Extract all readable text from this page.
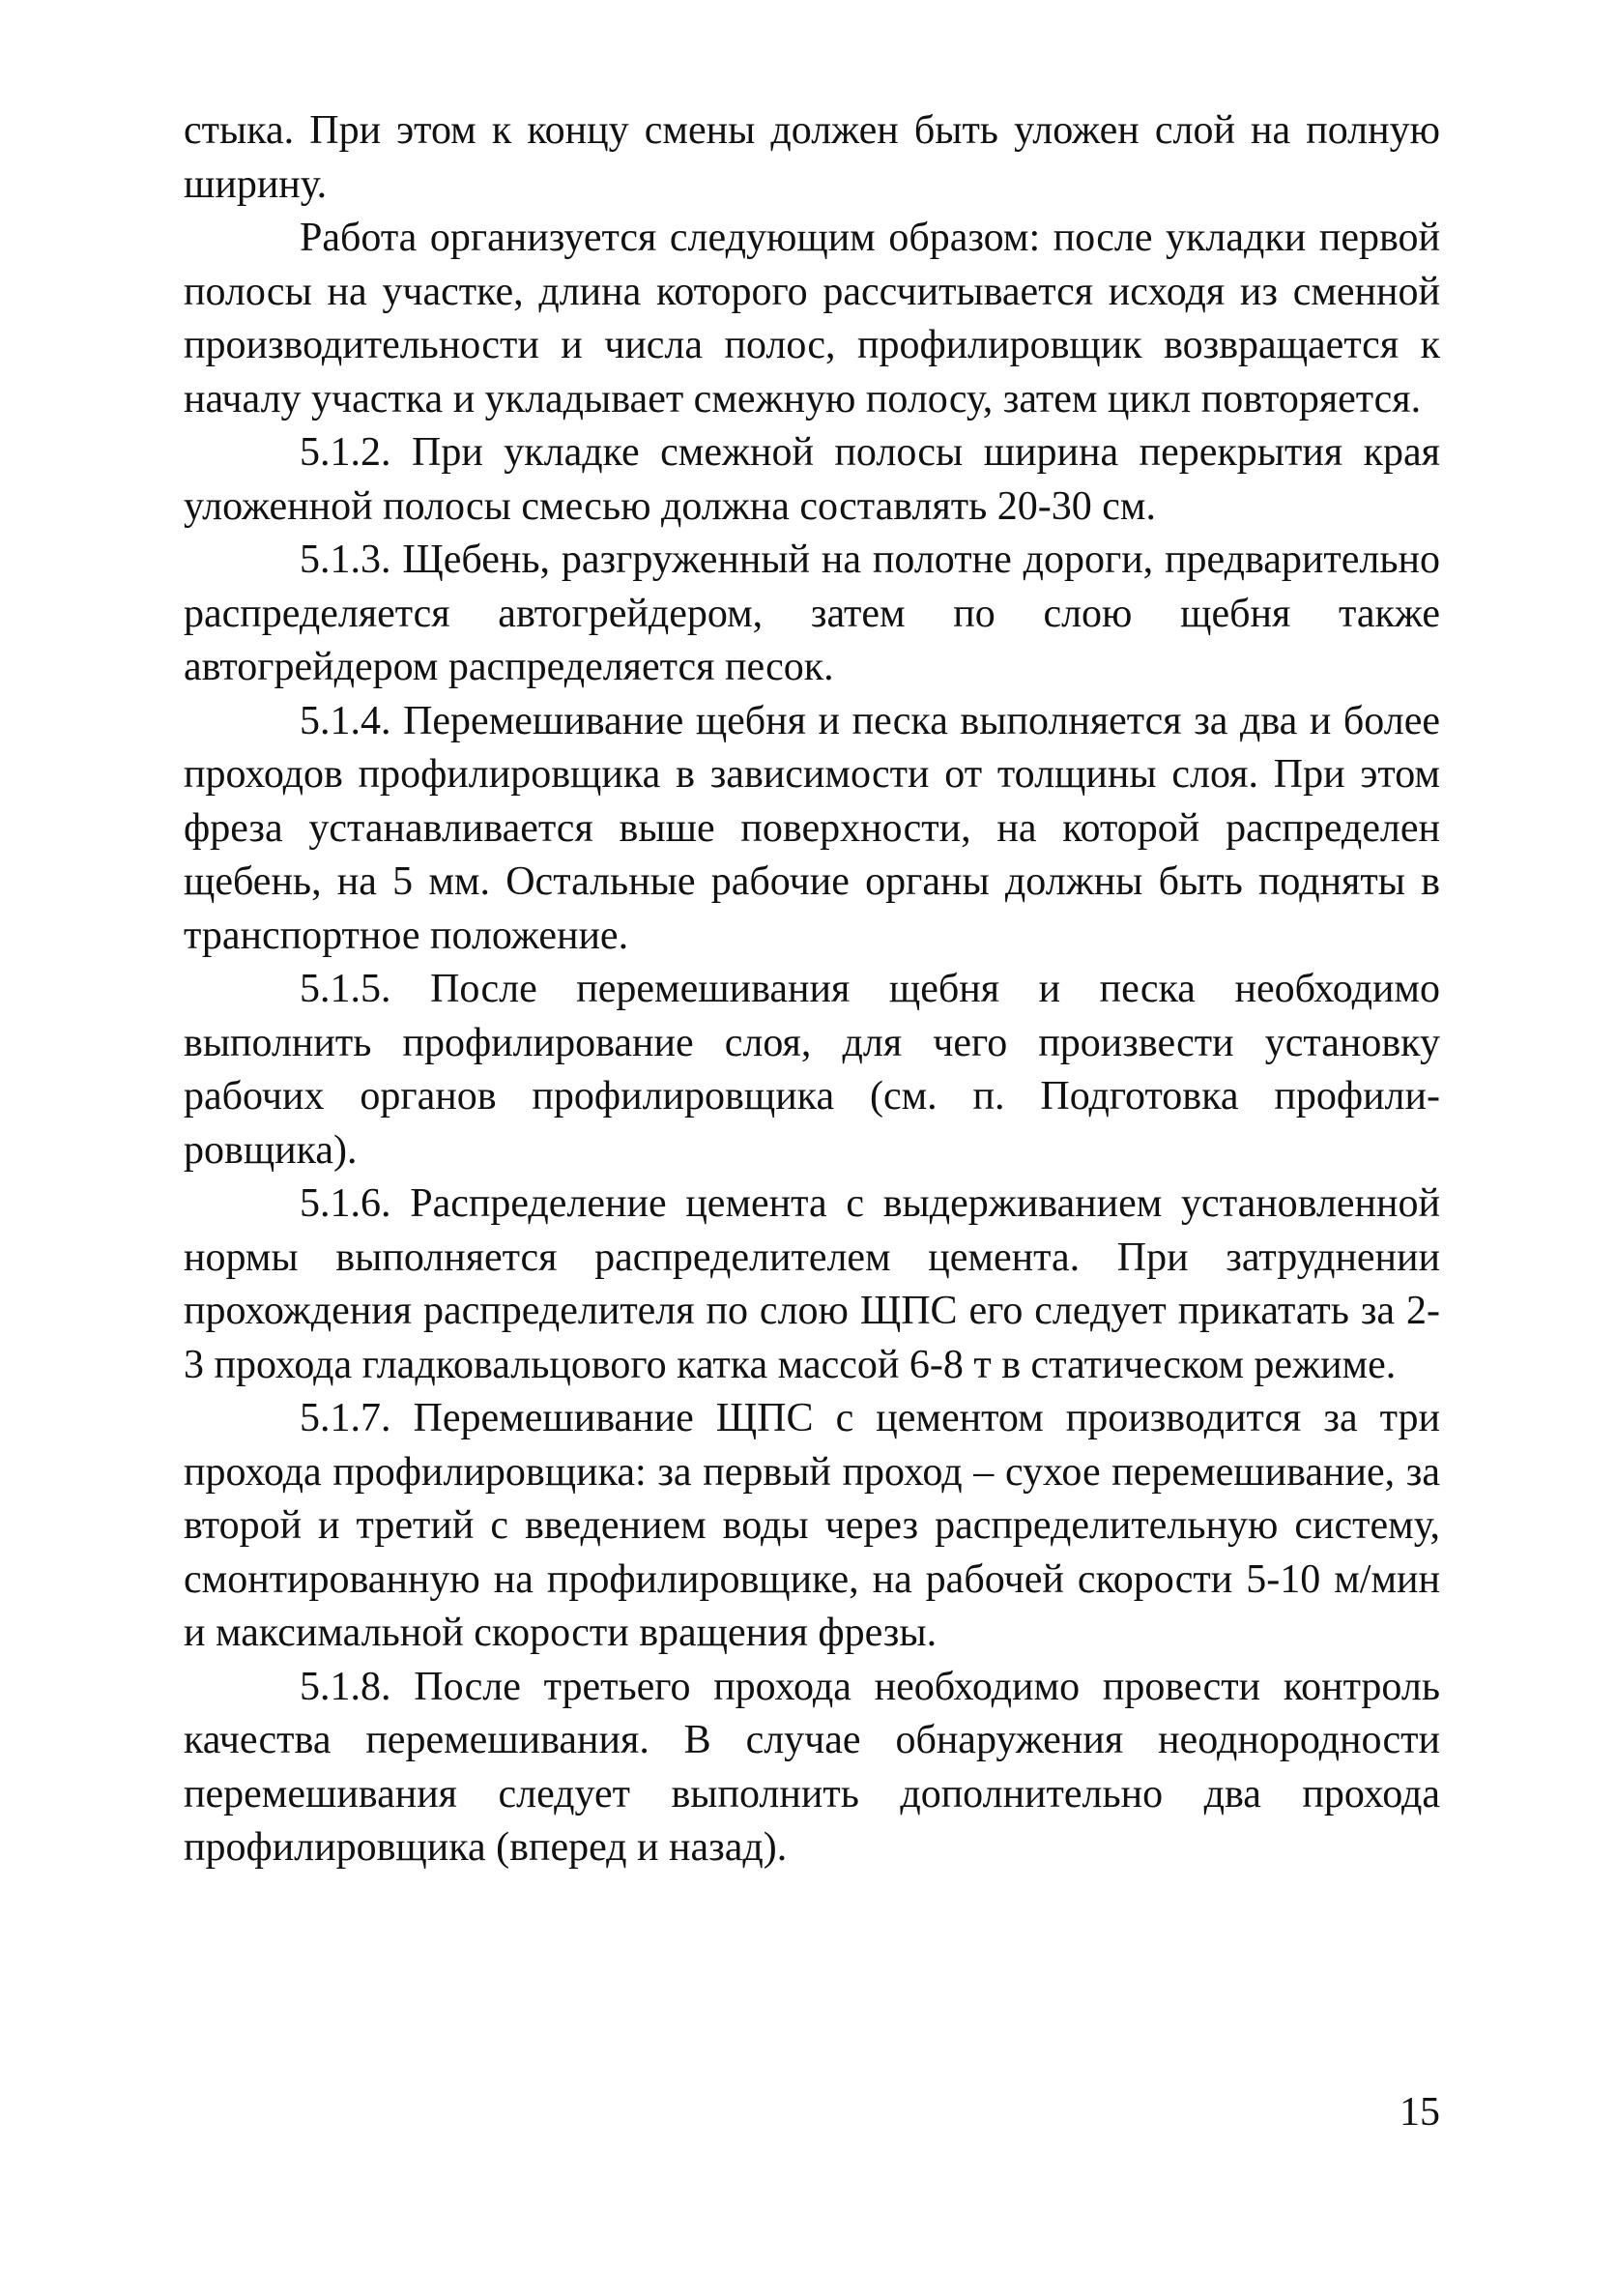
стыка. При этом к концу смены должен быть уложен слой на полную ширину.

Работа организуется следующим образом: после укладки первой полосы на участке, длина которого рассчитывается исходя из сменной производительности и числа полос, профилировщик возвращается к началу участка и укладывает смежную полосу, затем цикл повторяется.

5.1.2. При укладке смежной полосы ширина перекрытия края уложенной полосы смесью должна составлять 20-30 см.

5.1.3. Щебень, разгруженный на полотне дороги, предварительно распределяется автогрейдером, затем по слою щебня также автогрейдером распределяется песок.

5.1.4. Перемешивание щебня и песка выполняется за два и более проходов профилировщика в зависимости от толщины слоя. При этом фреза устанавливается выше поверхности, на которой распределен щебень, на 5 мм. Остальные рабочие органы должны быть подняты в транспортное положение.

5.1.5. После перемешивания щебня и песка необходимо выполнить профилирование слоя, для чего произвести установку рабочих органов профилировщика (см. п. Подготовка профилировщика).

5.1.6. Распределение цемента с выдерживанием установленной нормы выполняется распределителем цемента. При затруднении прохождения распределителя по слою ЩПС его следует прикатать за 2-3 прохода гладковальцового катка массой 6-8 т в статическом режиме.

5.1.7. Перемешивание ЩПС с цементом производится за три прохода профилировщика: за первый проход – сухое перемешивание, за второй и третий с введением воды через распределительную систему, смонтированную на профилировщике, на рабочей скорости 5-10 м/мин и максимальной скорости вращения фрезы.

5.1.8. После третьего прохода необходимо провести контроль качества перемешивания. В случае обнаружения неоднородности перемешивания следует выполнить дополнительно два прохода профилировщика (вперед и назад).

15
